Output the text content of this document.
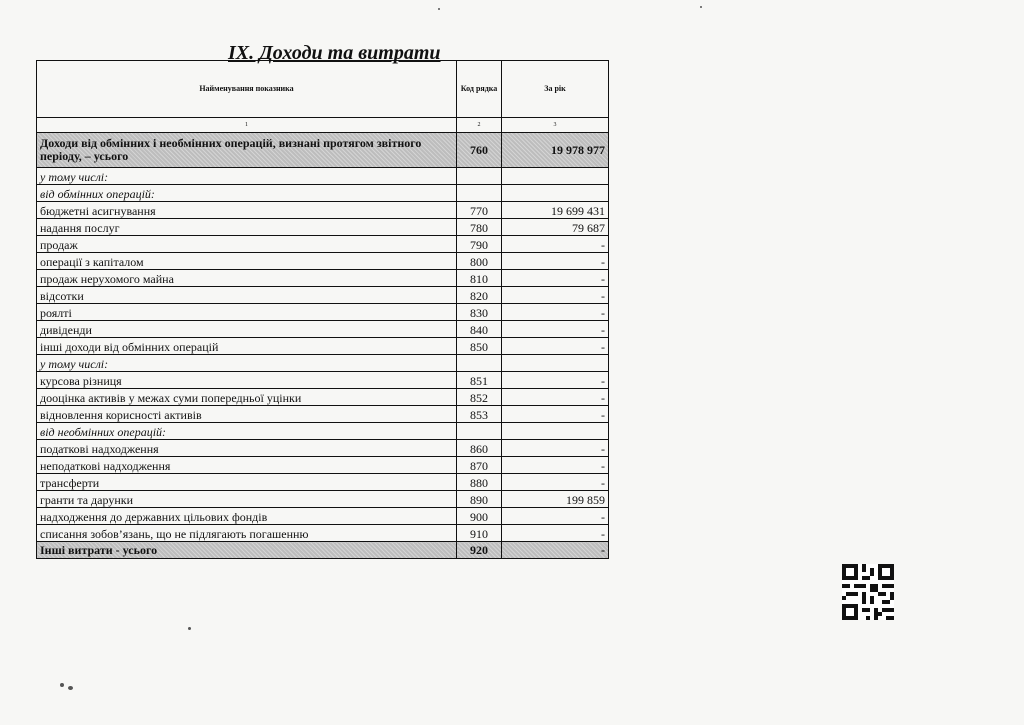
ІХ. Доходи та витрати
Найменування показника	Код рядка	За рік
1	2	3
Доходи від обмінних і необмінних операцій, визнані протягом звітного періоду, – усього	760	19 978 977
у тому числі:		
від обмінних операцій:		
бюджетні асигнування	770	19 699 431
надання послуг	780	79 687
продаж	790	-
операції з капіталом	800	-
продаж нерухомого майна	810	-
відсотки	820	-
роялті	830	-
дивіденди	840	-
інші доходи від обмінних операцій	850	-
у тому числі:		
курсова різниця	851	-
дооцінка активів у межах суми попередньої уцінки	852	-
відновлення корисності активів	853	-
від необмінних операцій:		
податкові надходження	860	-
неподаткові надходження	870	-
трансферти	880	-
гранти та дарунки	890	199 859
надходження до державних цільових фондів	900	-
списання зобов’язань, що не підлягають погашенню	910	-
Інші витрати - усього	920	-
